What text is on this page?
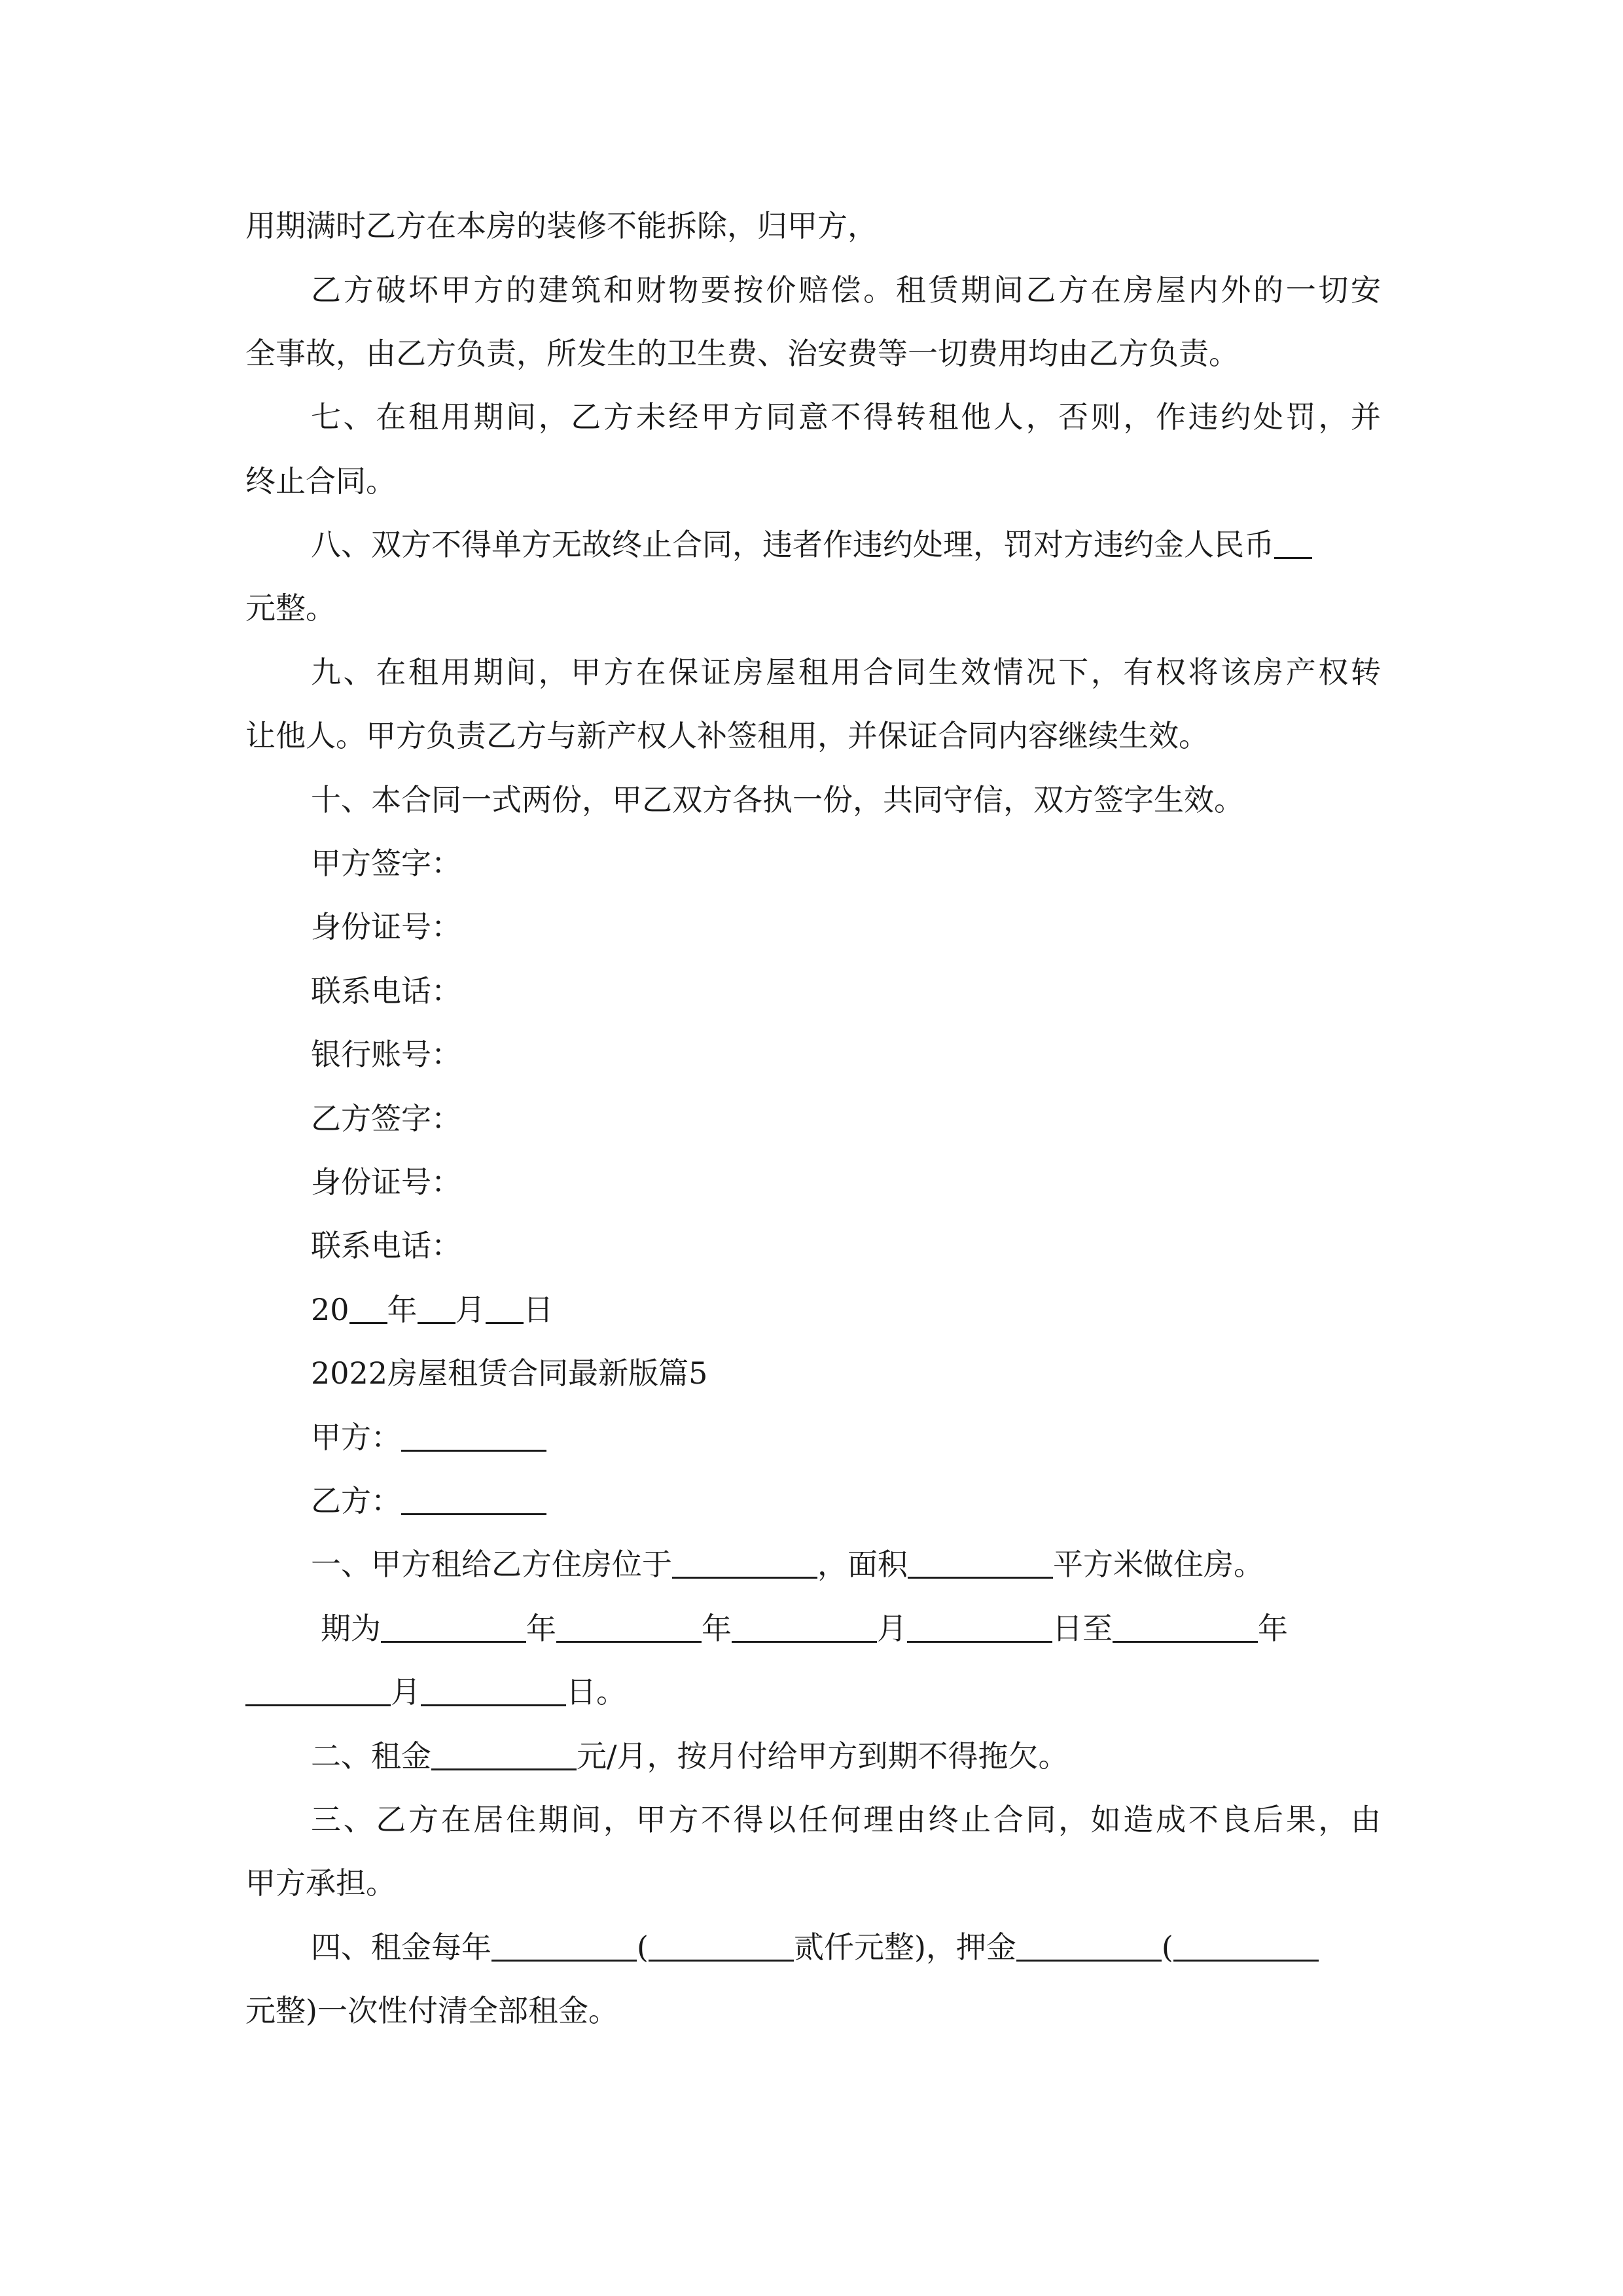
用期满时乙方在本房的装修不能拆除，归甲方，
乙方破坏甲方的建筑和财物要按价赔偿。租赁期间乙方在房屋内外的一切安
全事故，由乙方负责，所发生的卫生费、治安费等一切费用均由乙方负责。
七、在租用期间，乙方未经甲方同意不得转租他人，否则，作违约处罚，并
终止合同。
八、双方不得单方无故终止合同，违者作违约处理，罚对方违约金人民币
元整。
九、在租用期间，甲方在保证房屋租用合同生效情况下，有权将该房产权转
让他人。甲方负责乙方与新产权人补签租用，并保证合同内容继续生效。
十、本合同一式两份，甲乙双方各执一份，共同守信，双方签字生效。
甲方签字：
身份证号：
联系电话：
银行账号：
乙方签字：
身份证号：
联系电话：
20 年 月 日
2022房屋租赁合同最新版篇5
甲方：
乙方：
一、甲方租给乙方住房位于	，面积	平方米做住房。
期为	年	年	月	日至	年
月	日。
二、租金	元/月，按月付给甲方到期不得拖欠。
三、乙方在居住期间，甲方不得以任何理由终止合同，如造成不良后果，由
甲方承担。
四、租金每年	(	贰仟元整)，押金	(
元整)一次性付清全部租金。
